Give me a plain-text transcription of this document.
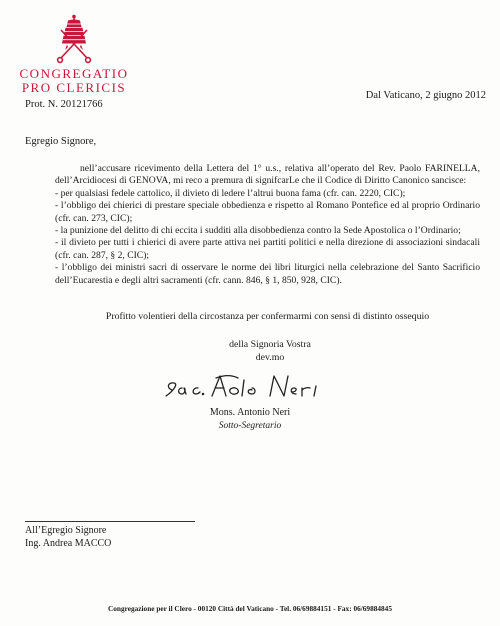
CONGREGATIO
PRO CLERICIS
Prot. N. 20121766
Dal Vaticano, 2 giugno 2012
Egregio Signore,

nell’accusare ricevimento della Lettera del 1° u.s., relativa all’operato del Rev. Paolo FARINELLA, dell’Arcidiocesi di GENOVA, mi reco a premura di signifcarLe che il Codice di Diritto Canonico sancisce:

- per qualsiasi fedele cattolico, il divieto di ledere l’altrui buona fama (cfr. can. 2220, CIC);

- l’obbligo dei chierici di prestare speciale obbedienza e rispetto al Romano Pontefice ed al proprio Ordinario (cfr. can. 273, CIC);

- la punizione del delitto di chi eccita i sudditi alla disobbedienza contro la Sede Apostolica o l’Ordinario;

- il divieto per tutti i chierici di avere parte attiva nei partiti politici e nella direzione di associazioni sindacali (cfr. can. 287, § 2, CIC);

- l’obbligo dei ministri sacri di osservare le norme dei libri liturgici nella celebrazione del Santo Sacrificio dell’Eucarestia e degli altri sacramenti (cfr. cann. 846, § 1, 850, 928, CIC).

Profitto volentieri della circostanza per confermarmi con sensi di distinto ossequio
della Signoria Vostra
dev.mo
Mons. Antonio Neri
Sotto-Segretario
All’Egregio Signore
Ing. Andrea MACCO
Congregazione per il Clero - 00120 Città del Vaticano - Tel. 06/69884151 - Fax: 06/69884845
